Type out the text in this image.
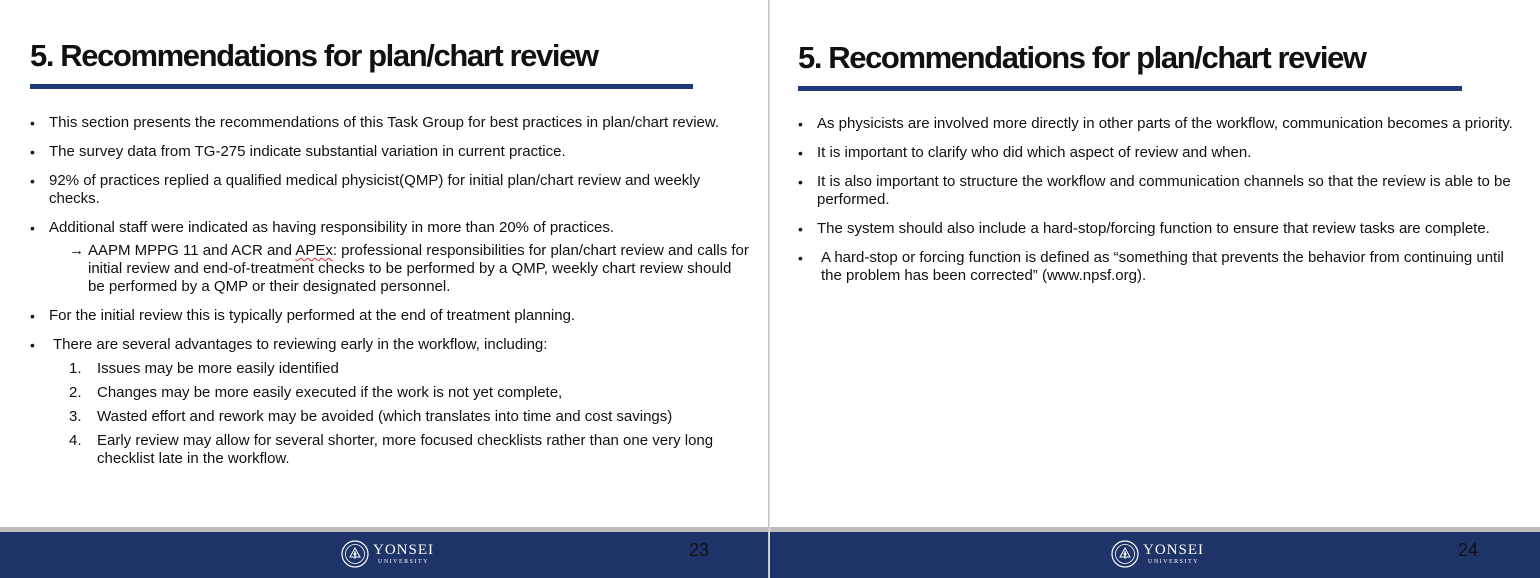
5. Recommendations for plan/chart review
• This section presents the recommendations of this Task Group for best practices in plan/chart review.
• The survey data from TG-275 indicate substantial variation in current practice.
• 92% of practices replied a qualified medical physicist(QMP) for initial plan/chart review and weekly checks.
• Additional staff were indicated as having responsibility in more than 20% of practices.
→ AAPM MPPG 11 and ACR and APEx: professional responsibilities for plan/chart review and calls for initial review and end-of-treatment checks to be performed by a QMP, weekly chart review should be performed by a QMP or their designated personnel.
• For the initial review this is typically performed at the end of treatment planning.
• There are several advantages to reviewing early in the workflow, including:
1. Issues may be more easily identified
2. Changes may be more easily executed if the work is not yet complete,
3. Wasted effort and rework may be avoided (which translates into time and cost savings)
4. Early review may allow for several shorter, more focused checklists rather than one very long checklist late in the workflow.
YONSEI
UNIVERSITY
23
5. Recommendations for plan/chart review
• As physicists are involved more directly in other parts of the workflow, communication becomes a priority.
• It is important to clarify who did which aspect of review and when.
• It is also important to structure the workflow and communication channels so that the review is able to be performed.
• The system should also include a hard-stop/forcing function to ensure that review tasks are complete.
• A hard-stop or forcing function is defined as “something that prevents the behavior from continuing until the problem has been corrected” (www.npsf.org).
YONSEI
UNIVERSITY
24
